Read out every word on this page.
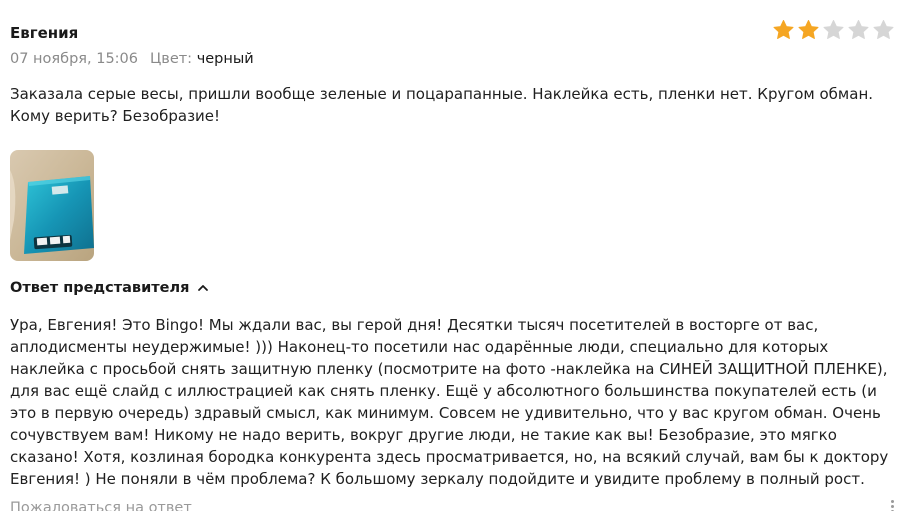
Евгения
07 ноября, 15:06 Цвет: черный
Заказала серые весы, пришли вообще зеленые и поцарапанные. Наклейка есть, пленки нет. Кругом обман. Кому верить? Безобразие!
Ответ представителя
Ура, Евгения! Это Bingo! Мы ждали вас, вы герой дня! Десятки тысяч посетителей в восторге от вас, аплодисменты неудержимые! ))) Наконец-то посетили нас одарённые люди, специально для которых наклейка с просьбой снять защитную пленку (посмотрите на фото -наклейка на СИНЕЙ ЗАЩИТНОЙ ПЛЕНКЕ), для вас ещё слайд с иллюстрацией как снять пленку. Ещё у абсолютного большинства покупателей есть (и это в первую очередь) здравый смысл, как минимум. Совсем не удивительно, что у вас кругом обман. Очень сочувствуем вам! Никому не надо верить, вокруг другие люди, не такие как вы! Безобразие, это мягко сказано! Хотя, козлиная бородка конкурента здесь просматривается, но, на всякий случай, вам бы к доктору Евгения! ) Не поняли в чём проблема? К большому зеркалу подойдите и увидите проблему в полный рост.
Пожаловаться на ответ
